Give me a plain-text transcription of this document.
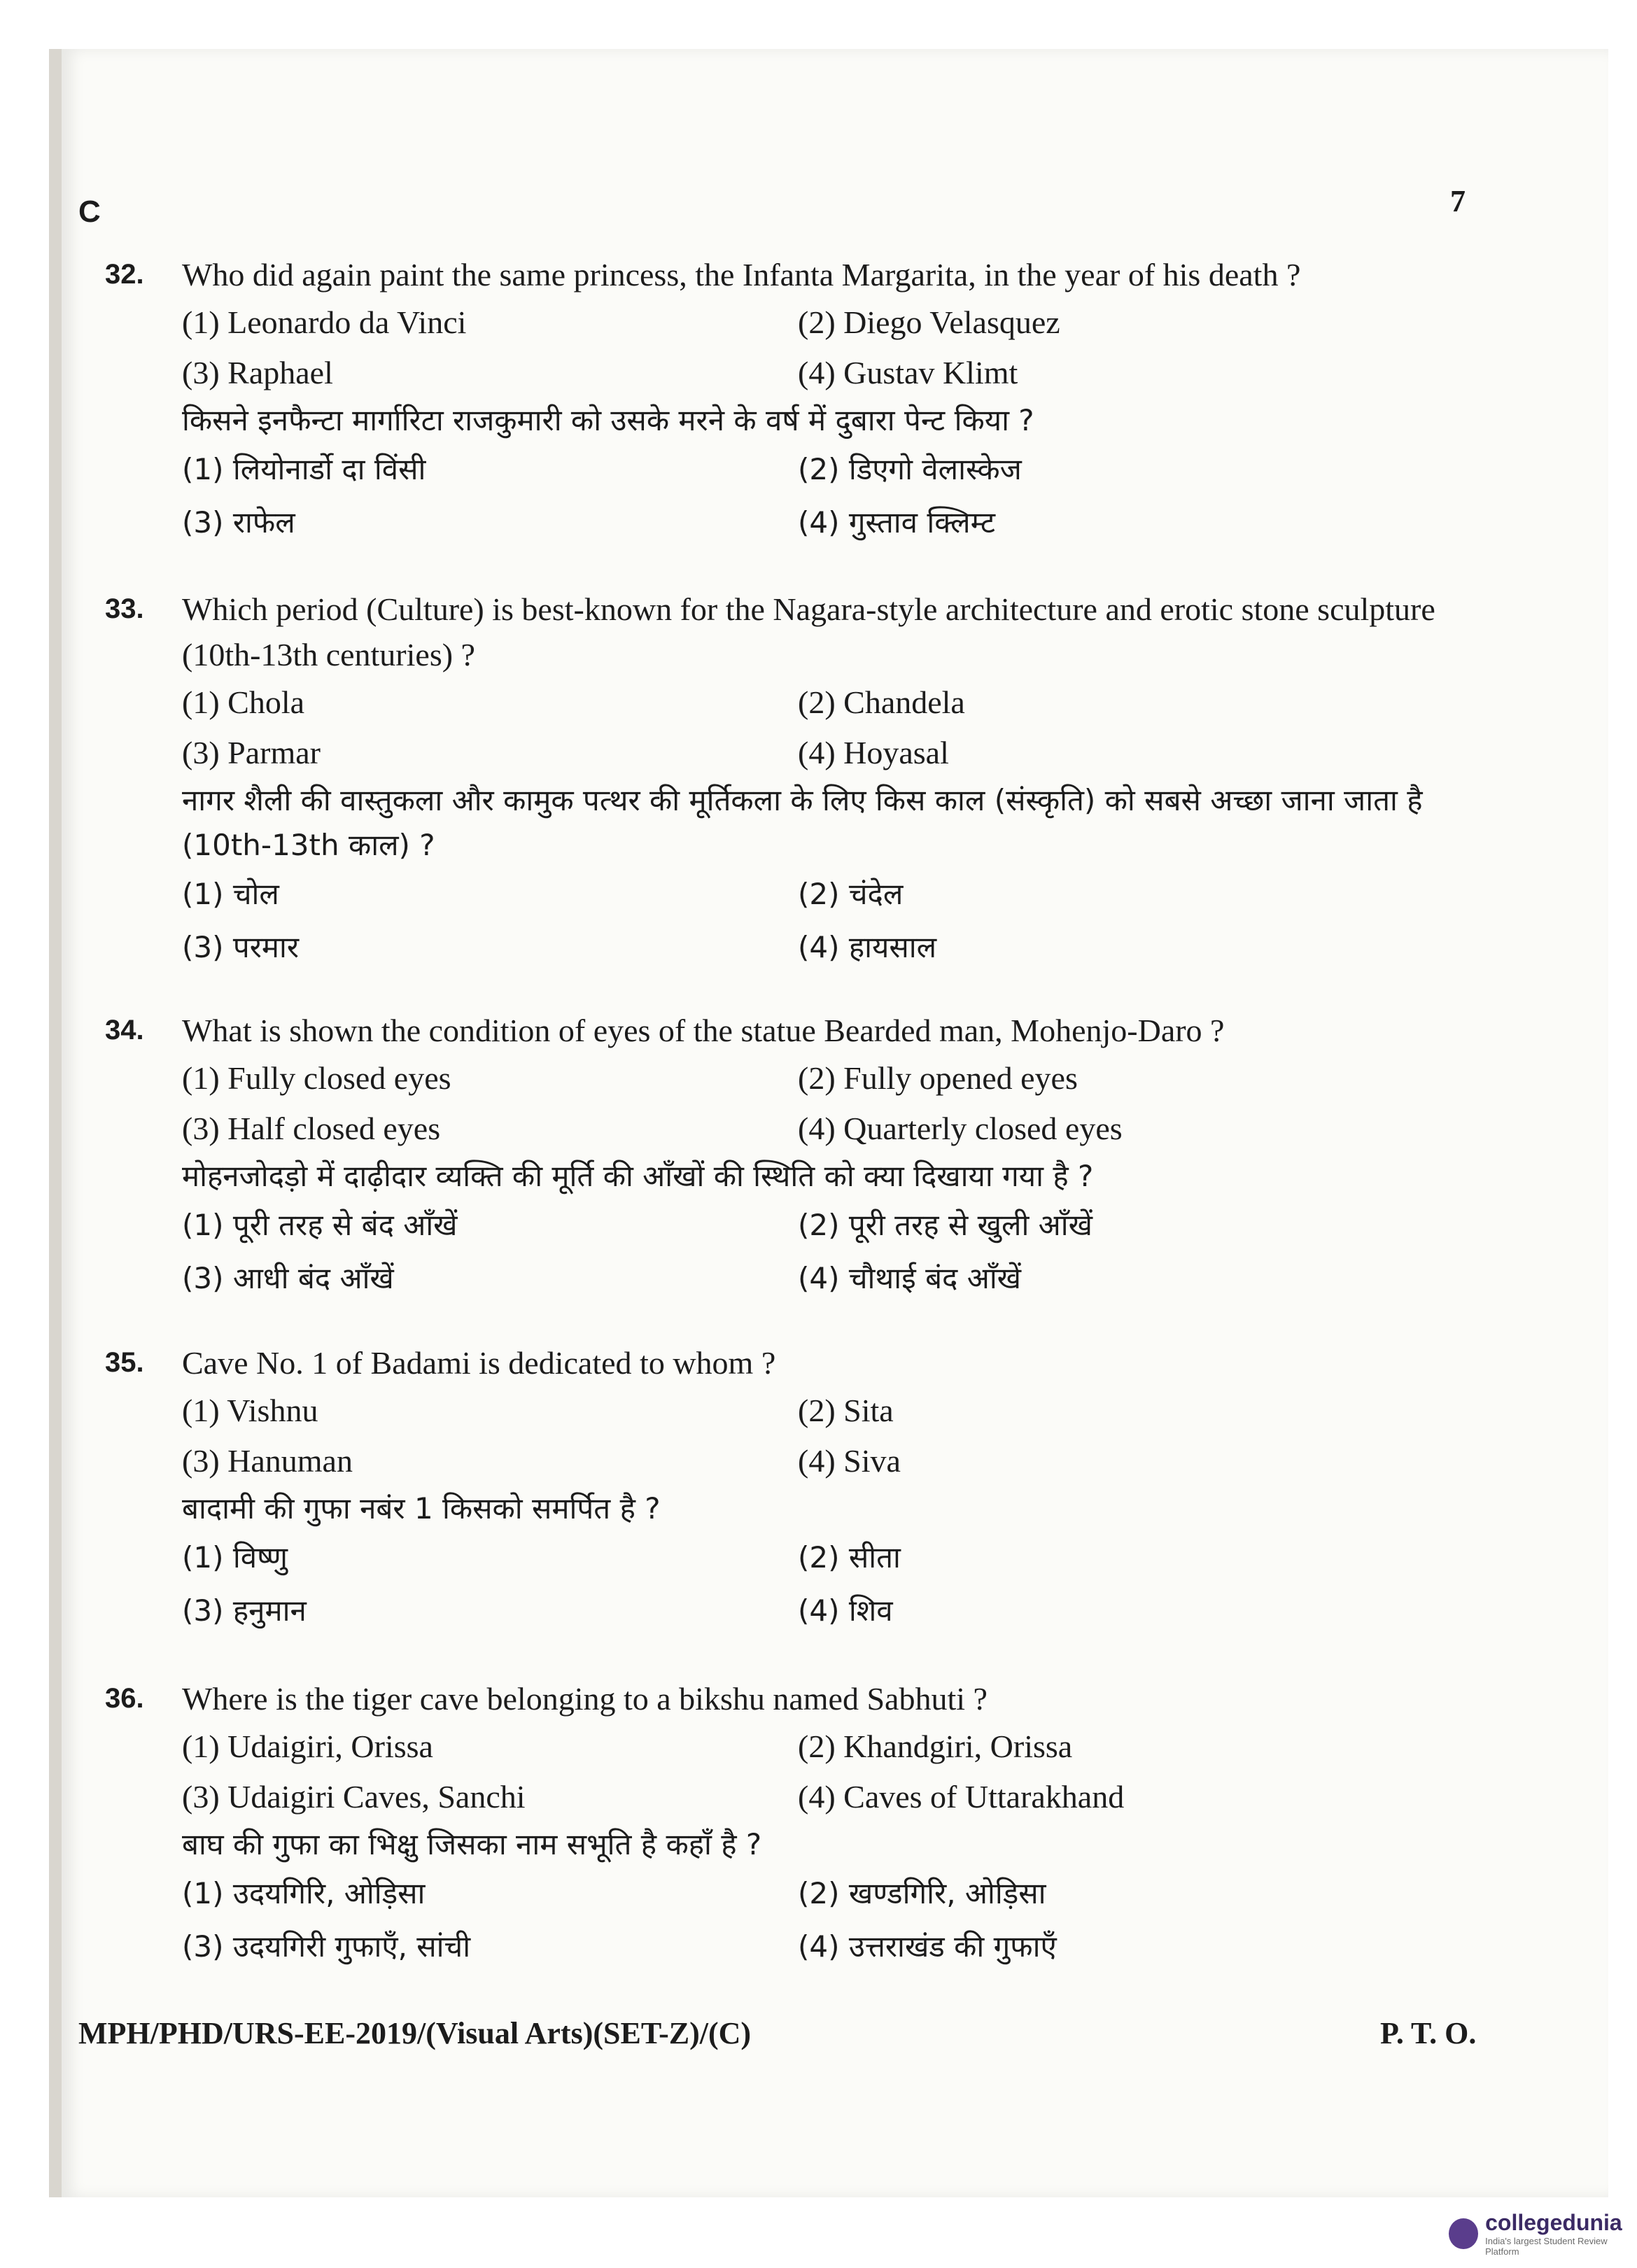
C	7
32. Who did again paint the same princess, the Infanta Margarita, in the year of his death ?
(1) Leonardo da Vinci	(2) Diego Velasquez
(3) Raphael	(4) Gustav Klimt
किसने इनफैन्टा मार्गारिटा राजकुमारी को उसके मरने के वर्ष में दुबारा पेन्ट किया ?
(1) लियोनार्डो दा विंसी	(2) डिएगो वेलास्केज
(3) राफेल	(4) गुस्ताव क्लिम्ट
33. Which period (Culture) is best-known for the Nagara-style architecture and erotic stone sculpture (10th-13th centuries) ?
(1) Chola	(2) Chandela
(3) Parmar	(4) Hoyasal
नागर शैली की वास्तुकला और कामुक पत्थर की मूर्तिकला के लिए किस काल (संस्कृति) को सबसे अच्छा जाना जाता है (10th-13th काल) ?
(1) चोल	(2) चंदेल
(3) परमार	(4) हायसाल
34. What is shown the condition of eyes of the statue Bearded man, Mohenjo-Daro ?
(1) Fully closed eyes	(2) Fully opened eyes
(3) Half closed eyes	(4) Quarterly closed eyes
मोहनजोदड़ो में दाढ़ीदार व्यक्ति की मूर्ति की आँखों की स्थिति को क्या दिखाया गया है ?
(1) पूरी तरह से बंद आँखें	(2) पूरी तरह से खुली आँखें
(3) आधी बंद आँखें	(4) चौथाई बंद आँखें
35. Cave No. 1 of Badami is dedicated to whom ?
(1) Vishnu	(2) Sita
(3) Hanuman	(4) Siva
बादामी की गुफा नबंर 1 किसको समर्पित है ?
(1) विष्णु	(2) सीता
(3) हनुमान	(4) शिव
36. Where is the tiger cave belonging to a bikshu named Sabhuti ?
(1) Udaigiri, Orissa	(2) Khandgiri, Orissa
(3) Udaigiri Caves, Sanchi	(4) Caves of Uttarakhand
बाघ की गुफा का भिक्षु जिसका नाम सभूति है कहाँ है ?
(1) उदयगिरि, ओड़िसा	(2) खण्डगिरि, ओड़िसा
(3) उदयगिरी गुफाएँ, सांची	(4) उत्तराखंड की गुफाएँ
MPH/PHD/URS-EE-2019/(Visual Arts)(SET-Z)/(C)	P. T. O.
collegedunia
India's largest Student Review Platform
